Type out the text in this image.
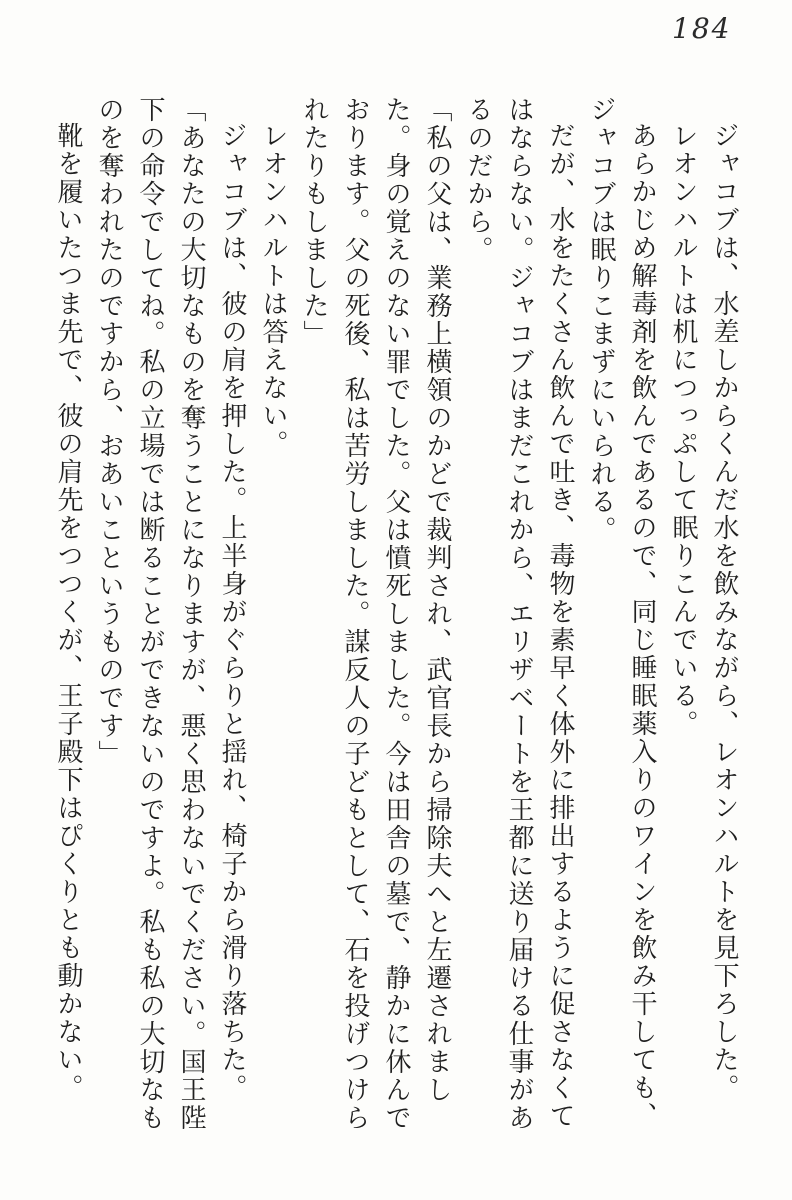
184

ジャコブは、水差しからくんだ水を飲みながら、レオンハルトを見下ろした。

レオンハルトは机につっぷして眠りこんでいる。

あらかじめ解毒剤を飲んであるので、同じ睡眠薬入りのワインを飲み干しても、ジャコブは眠りこまずにいられる。

だが、水をたくさん飲んで吐き、毒物を素早く体外に排出するように促さなくてはならない。ジャコブはまだこれから、エリザベートを王都に送り届ける仕事があるのだから。

「私の父は、業務上横領のかどで裁判され、武官長から掃除夫へと左遷されました。身の覚えのない罪でした。父は憤死しました。今は田舎の墓で、静かに休んでおります。父の死後、私は苦労しました。謀反人の子どもとして、石を投げつけられたりもしました」

レオンハルトは答えない。

ジャコブは、彼の肩を押した。上半身がぐらりと揺れ、椅子から滑り落ちた。

「あなたの大切なものを奪うことになりますが、悪く思わないでください。国王陛下の命令でしてね。私の立場では断ることができないのですよ。私も私の大切なものを奪われたのですから、おあいこというものです」

靴を履いたつま先で、彼の肩先をつつくが、王子殿下はぴくりとも動かない。
